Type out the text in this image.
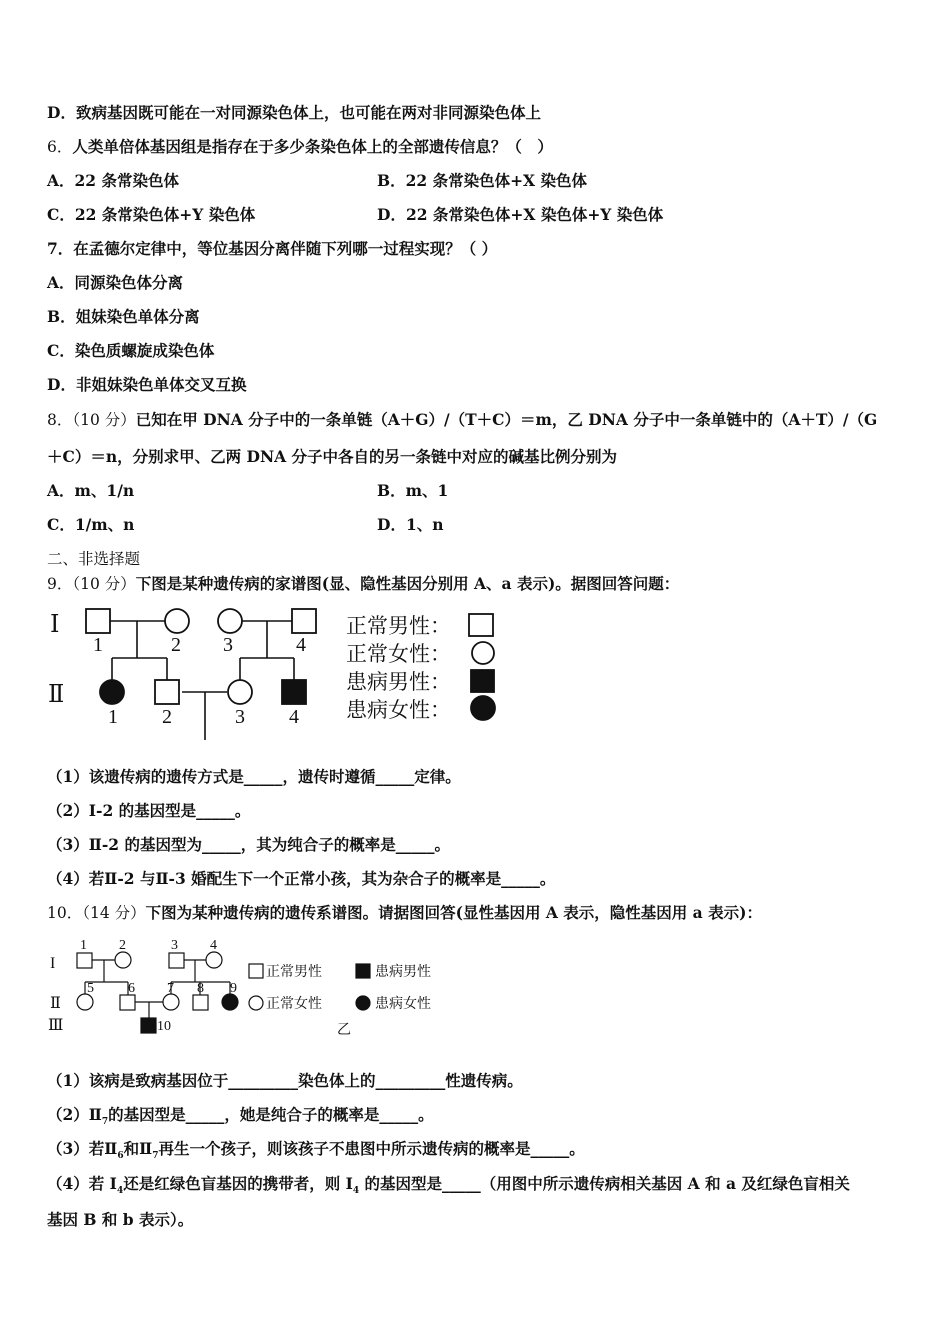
D．致病基因既可能在一对同源染色体上，也可能在两对非同源染色体上
6．人类单倍体基因组是指存在于多少条染色体上的全部遗传信息？（　）
A．22 条常染色体	B．22 条常染色体+X 染色体
C．22 条常染色体+Y 染色体	D．22 条常染色体+X 染色体+Y 染色体
7．在孟德尔定律中，等位基因分离伴随下列哪一过程实现？（ ）
A．同源染色体分离
B．姐妹染色单体分离
C．染色质螺旋成染色体
D．非姐妹染色单体交叉互换
8．（10 分）已知在甲 DNA 分子中的一条单链（A＋G）/（T＋C）＝m，乙 DNA 分子中一条单链中的（A＋T）/（G
＋C）＝n，分别求甲、乙两 DNA 分子中各自的另一条链中对应的碱基比例分别为
A．m、1/n	B．m、1
C．1/m、n	D．1、n
二、非选择题
9．（10 分）下图是某种遗传病的家谱图(显、隐性基因分别用 A、a 表示)。据图回答问题：
Ⅰ
Ⅱ
1	2 3	4
1 2	3 4
正常男性：
正常女性：
患病男性：
患病女性：
（1）该遗传病的遗传方式是_____，遗传时遵循_____定律。
（2）Ⅰ-2 的基因型是_____。
（3）Ⅱ-2 的基因型为_____，其为纯合子的概率是_____。
（4）若Ⅱ-2 与Ⅱ-3 婚配生下一个正常小孩，其为杂合子的概率是_____。
10．（14 分）下图为某种遗传病的遗传系谱图。请据图回答(显性基因用 A 表示，隐性基因用 a 表示)：
I
Ⅱ
Ⅲ
1 2	3 4
5 6 7 8 9
10
正常男性	患病男性
正常女性	患病女性
乙
（1）该病是致病基因位于_________染色体上的_________性遗传病。
$(2)Ⅱ_7$的基因型是_____，她是纯合子的概率是_____。
（3）若$Ⅱ_6$和$Ⅱ_7$再生一个孩子，则该孩子不患图中所示遗传病的概率是_____。
（4）若 $I_4$还是红绿色盲基因的携带者，则 $I_4$ 的基因型是_____（用图中所示遗传病相关基因 A 和 a 及红绿色盲相关
基因 B 和 b 表示）。
